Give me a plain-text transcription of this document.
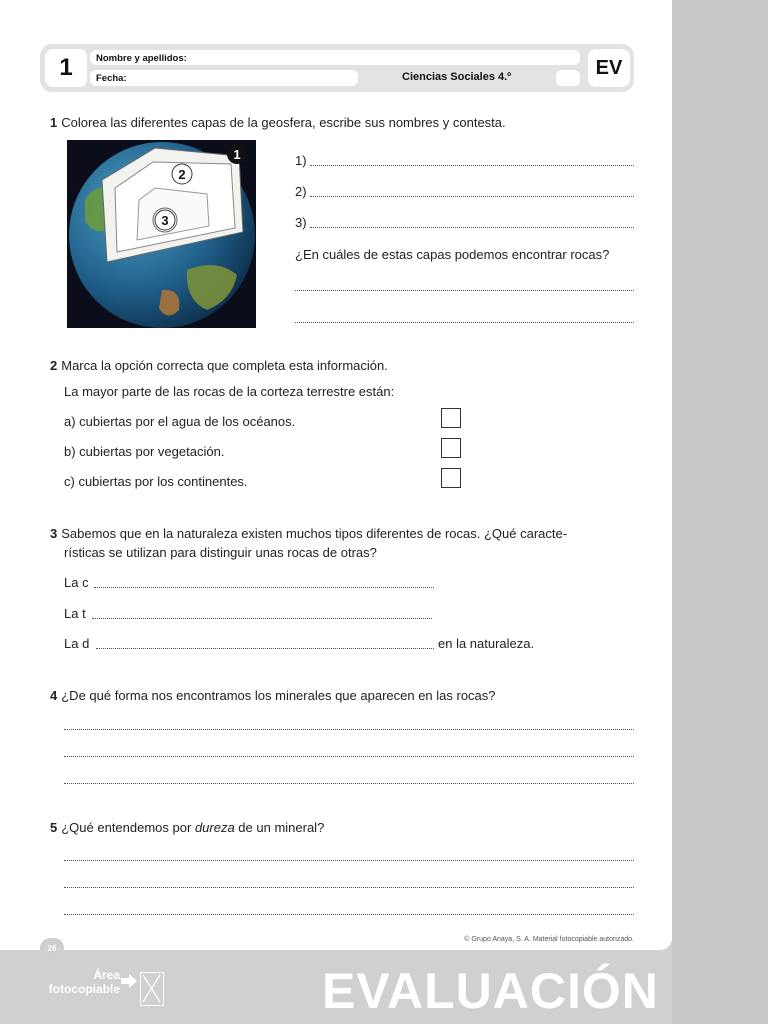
1	Nombre y apellidos:
Fecha:	Ciencias Sociales 4.º	EV
1 Colorea las diferentes capas de la geosfera, escribe sus nombres y contesta.
1
2
3
1)
2)
3)
¿En cuáles de estas capas podemos encontrar rocas?
2 Marca la opción correcta que completa esta información.
La mayor parte de las rocas de la corteza terrestre están:
a) cubiertas por el agua de los océanos.
b) cubiertas por vegetación.
c) cubiertas por los continentes.
3 Sabemos que en la naturaleza existen muchos tipos diferentes de rocas. ¿Qué caracte-
rísticas se utilizan para distinguir unas rocas de otras?
La c
La t
La d	en la naturaleza.
4 ¿De qué forma nos encontramos los minerales que aparecen en las rocas?
5 ¿Qué entendemos por dureza de un mineral?
26
© Grupo Anaya, S. A. Material fotocopiable autorizado.
Área
fotocopiable	EVALUACIÓN
